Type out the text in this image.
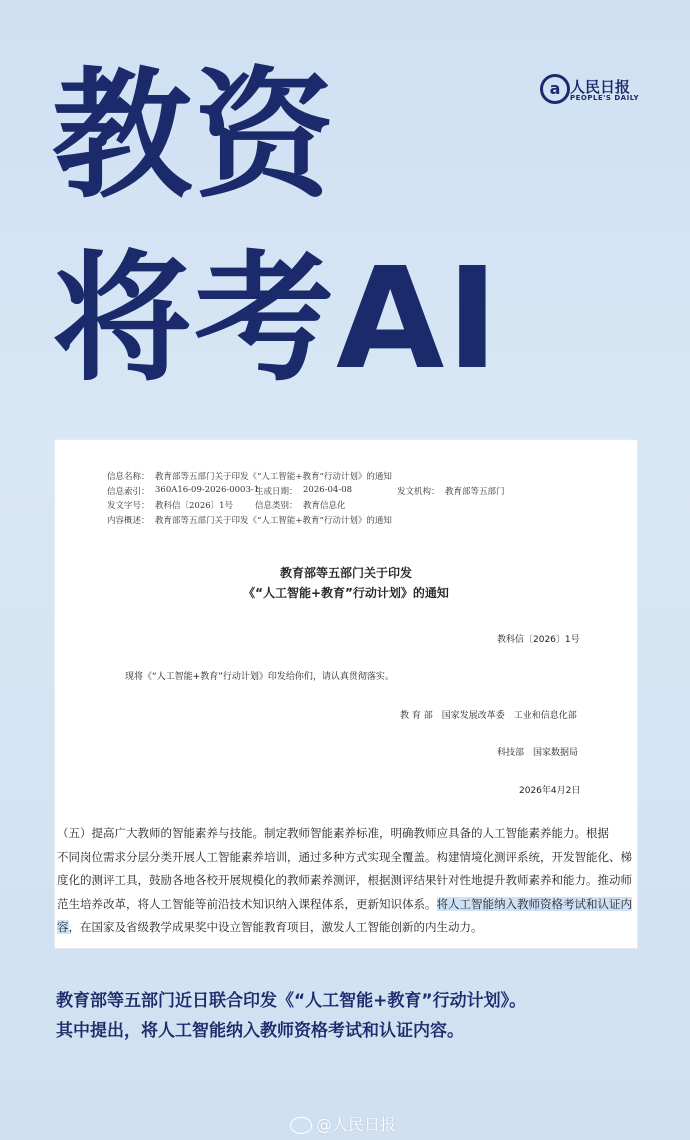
教资
将考AI
a 人民日报
PEOPLE'S DAILY
信息名称： 教育部等五部门关于印发《“人工智能+教育”行动计划》的通知
信息索引： 360A16-09-2026-0003-1
生成日期： 2026-04-08	发文机构： 教育部等五部门
发文字号： 教科信〔2026〕1号	信息类别： 教育信息化
内容概述： 教育部等五部门关于印发《“人工智能+教育”行动计划》的通知
教育部等五部门关于印发
《“人工智能+教育”行动计划》的通知
教科信〔2026〕1号
现将《“人工智能+教育”行动计划》印发给你们，请认真贯彻落实。
教 育 部　国家发展改革委　工业和信息化部
科技部　国家数据局
2026年4月2日
（五）提高广大教师的智能素养与技能。制定教师智能素养标准，明确教师应具备的人工智能素养能力。根据
不同岗位需求分层分类开展人工智能素养培训，通过多种方式实现全覆盖。构建情境化测评系统，开发智能化、梯
度化的测评工具，鼓励各地各校开展规模化的教师素养测评，根据测评结果针对性地提升教师素养和能力。推动师
范生培养改革，将人工智能等前沿技术知识纳入课程体系，更新知识体系。将人工智能纳入教师资格考试和认证内
容，在国家及省级教学成果奖中设立智能教育项目，激发人工智能创新的内生动力。
教育部等五部门近日联合印发《“人工智能+教育”行动计划》。
其中提出，将人工智能纳入教师资格考试和认证内容。
@人民日报
